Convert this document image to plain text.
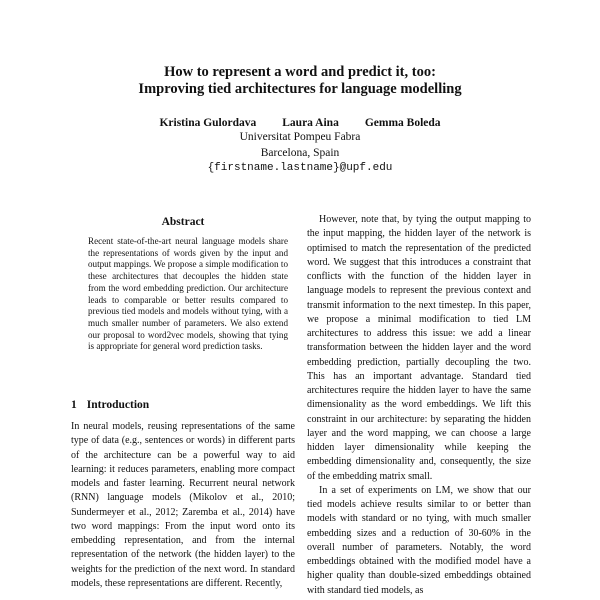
How to represent a word and predict it, too:
Improving tied architectures for language modelling
Kristina Gulordava Laura Aina Gemma Boleda
Universitat Pompeu Fabra
Barcelona, Spain
{firstname.lastname}@upf.edu
Abstract

Recent state-of-the-art neural language models share the representations of words given by the input and output mappings. We propose a simple modification to these architectures that decouples the hidden state from the word embedding prediction. Our architecture leads to comparable or better results compared to previous tied models and models without tying, with a much smaller number of parameters. We also extend our proposal to word2vec models, showing that tying is appropriate for general word prediction tasks.

1 Introduction

In neural models, reusing representations of the same type of data (e.g., sentences or words) in different parts of the architecture can be a powerful way to aid learning: it reduces parameters, enabling more compact models and faster learning. Recurrent neural network (RNN) language models (Mikolov et al., 2010; Sundermeyer et al., 2012; Zaremba et al., 2014) have two word mappings: From the input word onto its embedding representation, and from the internal representation of the network (the hidden layer) to the weights for the prediction of the next word. In standard models, these representations are different. Recently,

However, note that, by tying the output mapping to the input mapping, the hidden layer of the network is optimised to match the representation of the predicted word. We suggest that this introduces a constraint that conflicts with the function of the hidden layer in language models to represent the previous context and transmit information to the next timestep. In this paper, we propose a minimal modification to tied LM architectures to address this issue: we add a linear transformation between the hidden layer and the word embedding prediction, partially decoupling the two. This has an important advantage. Standard tied architectures require the hidden layer to have the same dimensionality as the word embeddings. We lift this constraint in our architecture: by separating the hidden layer and the word mapping, we can choose a large hidden layer dimensionality while keeping the embedding dimensionality and, consequently, the size of the embedding matrix small.

In a set of experiments on LM, we show that our tied models achieve results similar to or better than models with standard or no tying, with much smaller embedding sizes and a reduction of 30-60% in the overall number of parameters. Notably, the word embeddings obtained with the modified model have a higher quality than double-sized embeddings obtained with standard tied models, as
